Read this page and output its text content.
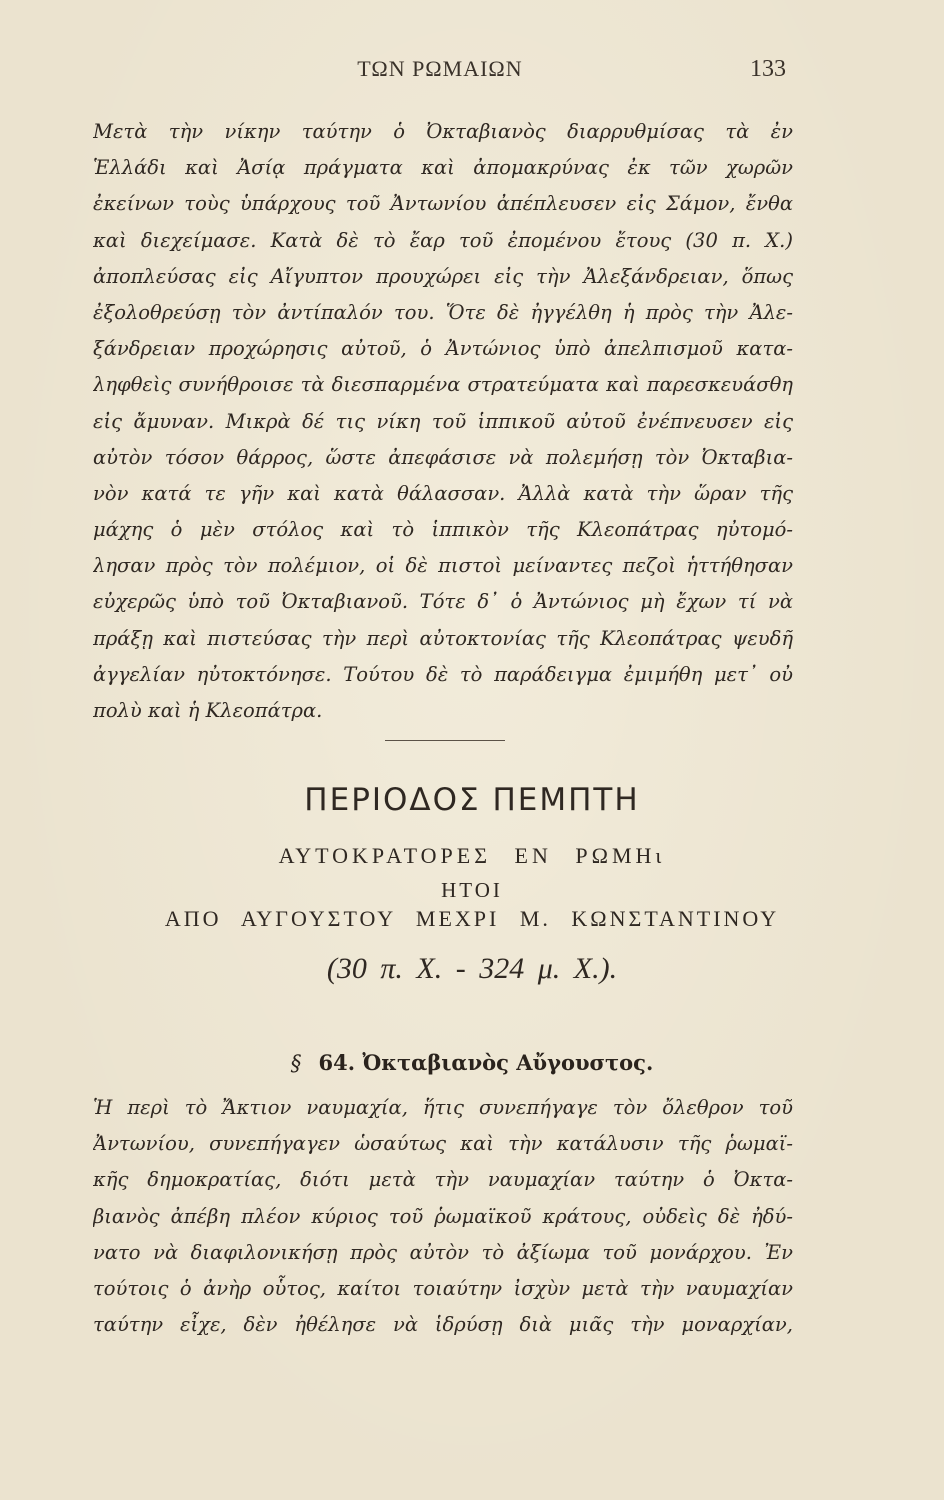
ΤΩΝ ΡΩΜΑΙΩΝ	133
Μετὰ τὴν νίκην ταύτην ὁ Ὀκταβιανὸς διαρρυθμίσας τὰ ἐν
Ἑλλάδι καὶ Ἀσίᾳ πράγματα καὶ ἀπομακρύνας ἐκ τῶν χωρῶν
ἐκείνων τοὺς ὑπάρχους τοῦ Ἀντωνίου ἀπέπλευσεν εἰς Σάμον, ἔνθα
καὶ διεχείμασε. Κατὰ δὲ τὸ ἔαρ τοῦ ἐπομένου ἔτους (30 π. Χ.)
ἀποπλεύσας εἰς Αἴγυπτον προυχώρει εἰς τὴν Ἀλεξάνδρειαν, ὅπως
ἐξολοθρεύσῃ τὸν ἀντίπαλόν του. Ὅτε δὲ ἠγγέλθη ἡ πρὸς τὴν Ἀλε-
ξάνδρειαν προχώρησις αὐτοῦ, ὁ Ἀντώνιος ὑπὸ ἀπελπισμοῦ κατα-
ληφθεὶς συνήθροισε τὰ διεσπαρμένα στρατεύματα καὶ παρεσκευάσθη
εἰς ἄμυναν. Μικρὰ δέ τις νίκη τοῦ ἱππικοῦ αὐτοῦ ἐνέπνευσεν εἰς
αὐτὸν τόσον θάρρος, ὥστε ἀπεφάσισε νὰ πολεμήσῃ τὸν Ὀκταβια-
νὸν κατά τε γῆν καὶ κατὰ θάλασσαν. Ἀλλὰ κατὰ τὴν ὥραν τῆς
μάχης ὁ μὲν στόλος καὶ τὸ ἱππικὸν τῆς Κλεοπάτρας ηὐτομό-
λησαν πρὸς τὸν πολέμιον, οἱ δὲ πιστοὶ μείναντες πεζοὶ ἡττήθησαν
εὐχερῶς ὑπὸ τοῦ Ὀκταβιανοῦ. Τότε δ᾽ ὁ Ἀντώνιος μὴ ἔχων τί νὰ
πράξῃ καὶ πιστεύσας τὴν περὶ αὐτοκτονίας τῆς Κλεοπάτρας ψευδῆ
ἀγγελίαν ηὐτοκτόνησε. Τούτου δὲ τὸ παράδειγμα ἐμιμήθη μετ᾽ οὐ
πολὺ καὶ ἡ Κλεοπάτρα.
ΠΕΡΙΟΔΟΣ ΠΕΜΠΤΗ
ΑΥΤΟΚΡΑΤΟΡΕΣ ΕΝ ΡΩΜΗι
ΗΤΟΙ
ΑΠΟ ΑΥΓΟΥΣΤΟΥ ΜΕΧΡΙ Μ. ΚΩΝΣΤΑΝΤΙΝΟΥ
(30 π. Χ. - 324 μ. Χ.).
§ 64. Ὀκταβιανὸς Αὔγουστος.
Ἡ περὶ τὸ Ἄκτιον ναυμαχία, ἥτις συνεπήγαγε τὸν ὄλεθρον τοῦ
Ἀντωνίου, συνεπήγαγεν ὡσαύτως καὶ τὴν κατάλυσιν τῆς ῥωμαϊ-
κῆς δημοκρατίας, διότι μετὰ τὴν ναυμαχίαν ταύτην ὁ Ὀκτα-
βιανὸς ἀπέβη πλέον κύριος τοῦ ῥωμαϊκοῦ κράτους, οὐδεὶς δὲ ἠδύ-
νατο νὰ διαφιλονικήσῃ πρὸς αὐτὸν τὸ ἀξίωμα τοῦ μονάρχου. Ἐν
τούτοις ὁ ἀνὴρ οὗτος, καίτοι τοιαύτην ἰσχὺν μετὰ τὴν ναυμαχίαν
ταύτην εἶχε, δὲν ἠθέλησε νὰ ἱδρύσῃ διὰ μιᾶς τὴν μοναρχίαν,
